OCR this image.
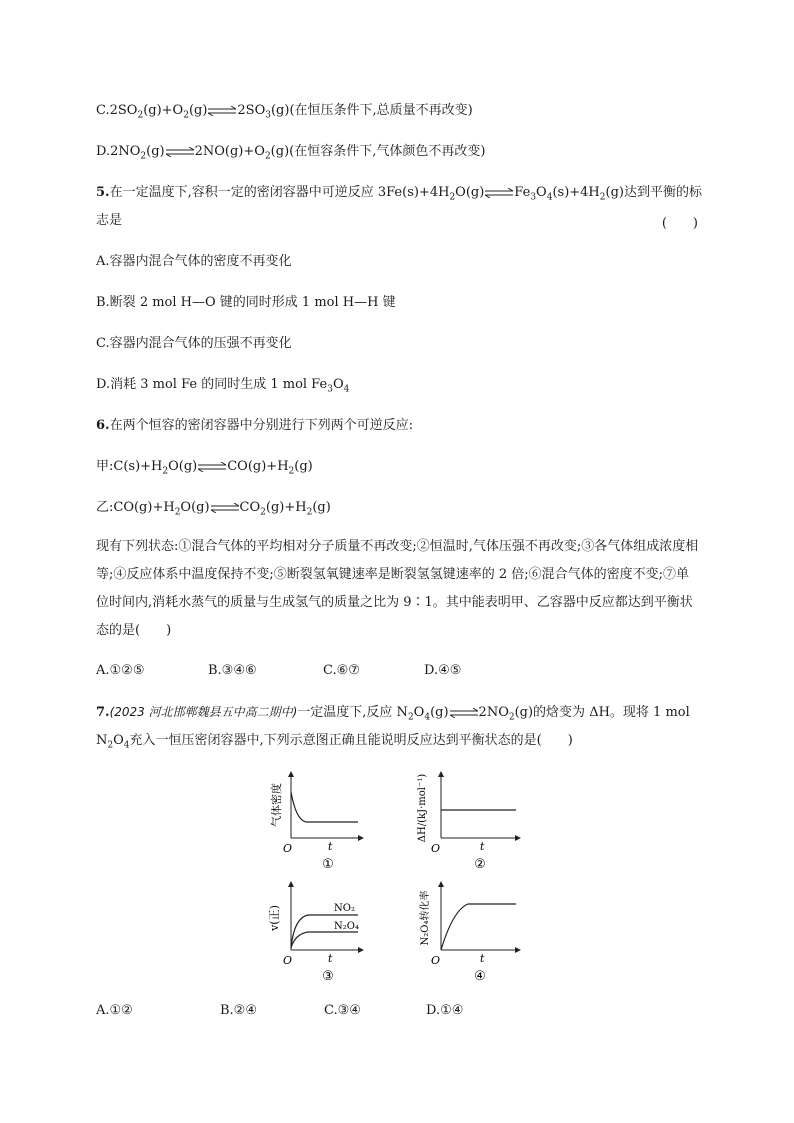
$C.2SO_2(g)+O_2(g)\rightleftharpoons 2SO_3(g)$(在恒压条件下,总质量不再改变)
$D.2NO_2(g)\rightleftharpoons 2NO(g)+O_2(g)$(在恒容条件下,气体颜色不再改变)
5.在一定温度下,容积一定的密闭容器中可逆反应 $3Fe(s)+4H_2O(g)\rightleftharpoons Fe_3O_4(s)+4H_2(g)$达到平衡的标
志是	(　　)
A.容器内混合气体的密度不再变化
B.断裂 2 mol H—O 键的同时形成 1 mol H—H 键
C.容器内混合气体的压强不再变化
D.消耗 3 mol Fe 的同时生成 1 mol $Fe_3O_4$
6.在两个恒容的密闭容器中分别进行下列两个可逆反应:
甲$:C(s)+H_2O(g)\rightleftharpoons CO(g)+H_2(g)$
乙$:CO(g)+H_2O(g)\rightleftharpoons CO_2(g)+H_2(g)$
现有下列状态:①混合气体的平均相对分子质量不再改变;②恒温时,气体压强不再改变;③各气体组成浓度相等;④反应体系中温度保持不变;⑤断裂氢氧键速率是断裂氢氢键速率的 2 倍;⑥混合气体的密度不变;⑦单位时间内,消耗水蒸气的质量与生成氢气的质量之比为 9∶1。其中能表明甲、乙容器中反应都达到平衡状态的是(　　)
A.①②⑤	B.③④⑥	C.⑥⑦	D.④⑤
7.(2023 河北邯郸魏县五中高二期中)一定温度下,反应 $N_2O_4(g)\rightleftharpoons 2NO_2(g)$的焓变为 ΔH。现将 1 mol
$N_2O_4$充入一恒压密闭容器中,下列示意图正确且能说明反应达到平衡状态的是(　　)
气体密度
O	t
①
ΔH/(kJ·mol⁻¹)
O	t
②
NO₂
N₂O₄
v(正)
O	t
③
N₂O₄转化率
O	t
④
A.①②	B.②④	C.③④	D.①④
